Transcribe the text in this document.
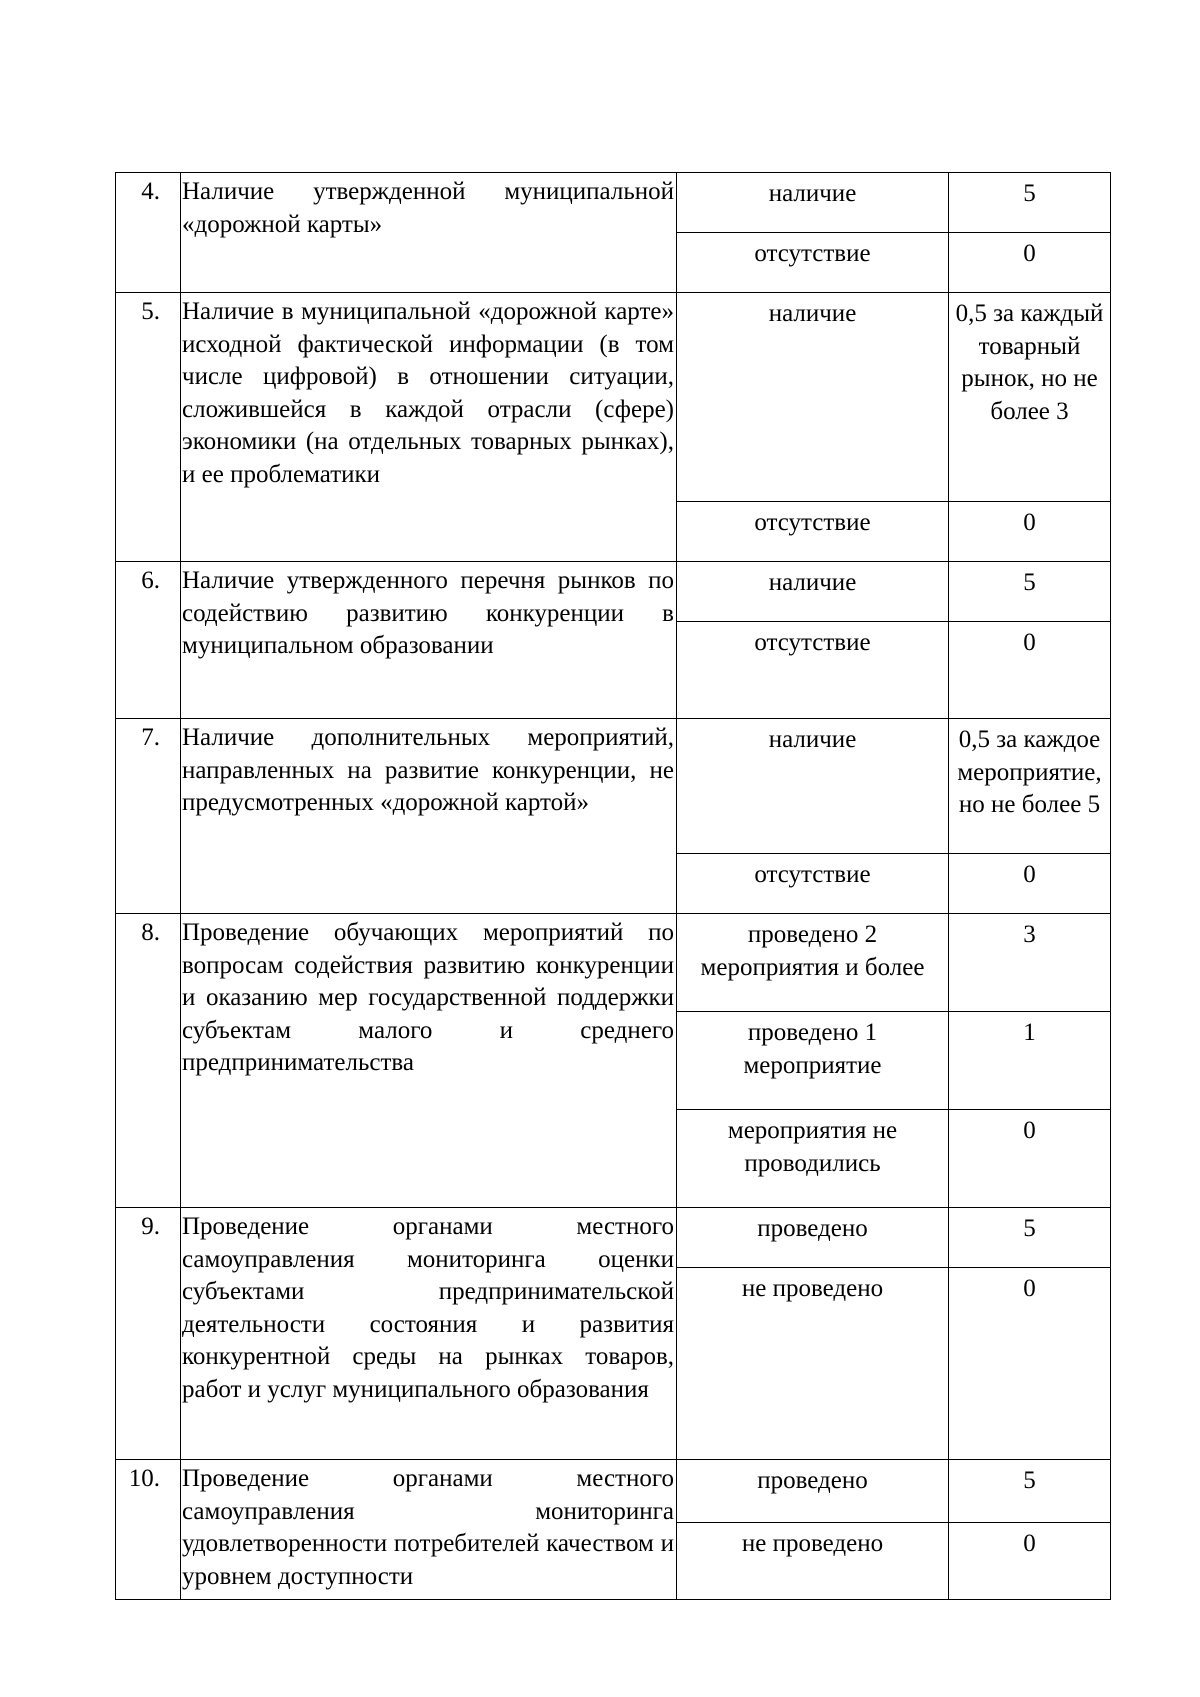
4.	Наличие утвержденной муниципальной «дорожной карты»	наличие	5
		отсутствие	0
5.	Наличие в муниципальной «дорожной карте» исходной фактической информации (в том числе цифровой) в отношении ситуации, сложившейся в каждой отрасли (сфере) экономики (на отдельных товарных рынках), и ее проблематики	наличие	0,5 за каждый товарный рынок, но не более 3
		отсутствие	0
6.	Наличие утвержденного перечня рынков по содействию развитию конкуренции в муниципальном образовании	наличие	5
		отсутствие	0
7.	Наличие дополнительных мероприятий, направленных на развитие конкуренции, не предусмотренных «дорожной картой»	наличие	0,5 за каждое мероприятие, но не более 5
		отсутствие	0
8.	Проведение обучающих мероприятий по вопросам содействия развитию конкуренции и оказанию мер государственной поддержки субъектам малого и среднего предпринимательства	проведено 2 мероприятия и более	3
		проведено 1 мероприятие	1
		мероприятия не проводились	0
9.	Проведение органами местного самоуправления мониторинга оценки субъектами предпринимательской деятельности состояния и развития конкурентной среды на рынках товаров, работ и услуг муниципального образования	проведено	5
		не проведено	0
10.	Проведение органами местного самоуправления мониторинга удовлетворенности потребителей качеством и уровнем доступности	проведено	5
		не проведено	0
